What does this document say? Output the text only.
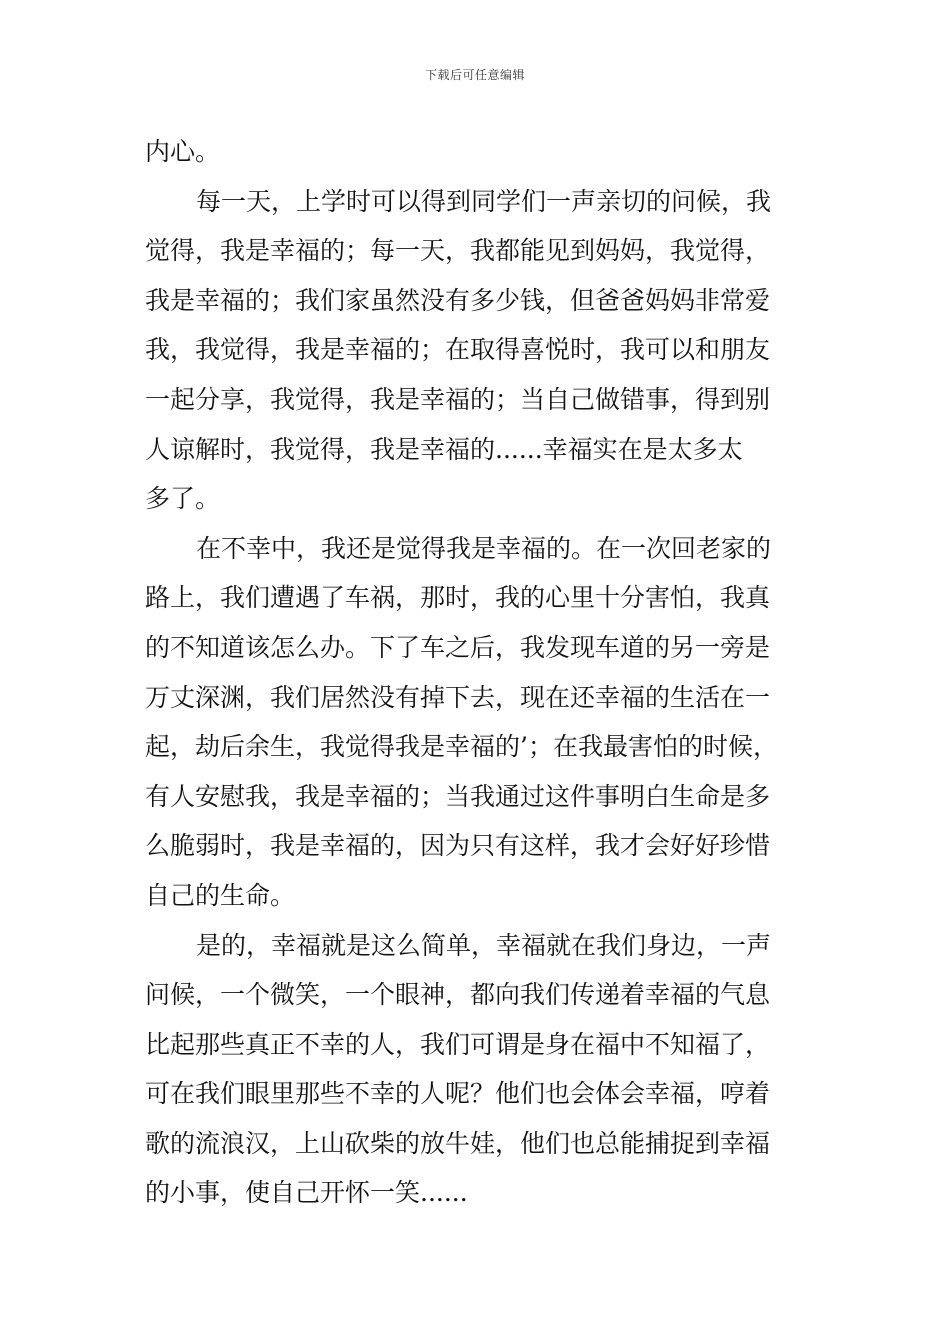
下载后可任意编辑
内心。
每一天，上学时可以得到同学们一声亲切的问候，我
觉得，我是幸福的；每一天，我都能见到妈妈，我觉得，
我是幸福的；我们家虽然没有多少钱，但爸爸妈妈非常爱
我，我觉得，我是幸福的；在取得喜悦时，我可以和朋友
一起分享，我觉得，我是幸福的；当自己做错事，得到别
人谅解时，我觉得，我是幸福的......幸福实在是太多太
多了。
在不幸中，我还是觉得我是幸福的。在一次回老家的
路上，我们遭遇了车祸，那时，我的心里十分害怕，我真
的不知道该怎么办。下了车之后，我发现车道的另一旁是
万丈深渊，我们居然没有掉下去，现在还幸福的生活在一
起，劫后余生，我觉得我是幸福的’；在我最害怕的时候，
有人安慰我，我是幸福的；当我通过这件事明白生命是多
么脆弱时，我是幸福的，因为只有这样，我才会好好珍惜
自己的生命。
是的，幸福就是这么简单，幸福就在我们身边，一声
问候，一个微笑，一个眼神，都向我们传递着幸福的气息
比起那些真正不幸的人，我们可谓是身在福中不知福了，
可在我们眼里那些不幸的人呢？他们也会体会幸福，哼着
歌的流浪汉，上山砍柴的放牛娃，他们也总能捕捉到幸福
的小事，使自己开怀一笑......
